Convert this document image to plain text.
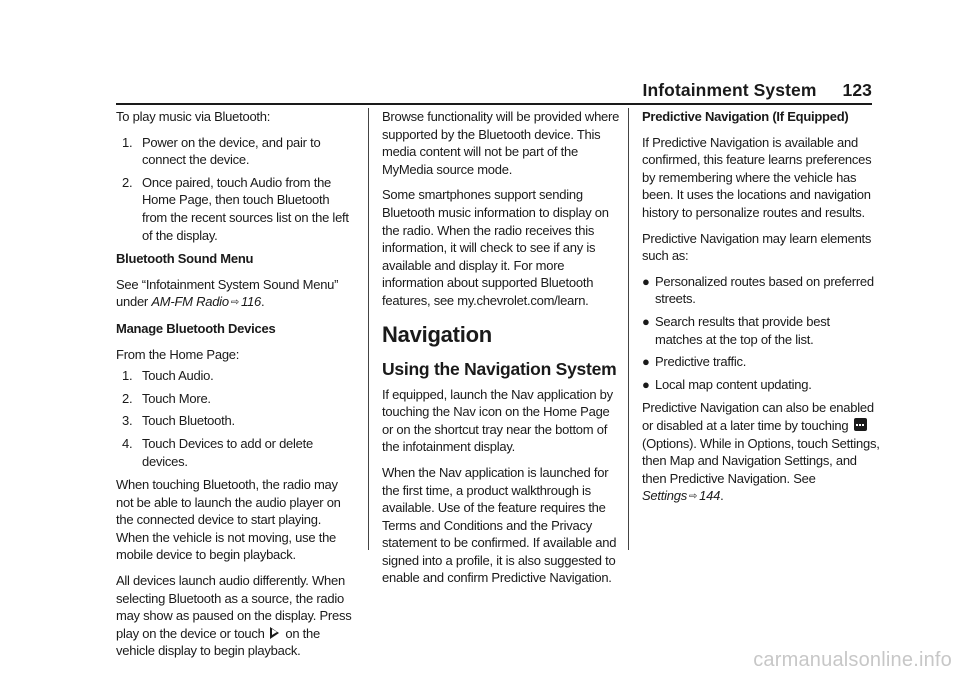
Infotainment System 123

To play music via Bluetooth:

1. Power on the device, and pair to connect the device.
2. Once paired, touch Audio from the Home Page, then touch Bluetooth from the recent sources list on the left of the display.

Bluetooth Sound Menu

See “Infotainment System Sound Menu” under AM-FM Radio ⇨ 116.

Manage Bluetooth Devices

From the Home Page:

1. Touch Audio.
2. Touch More.
3. Touch Bluetooth.
4. Touch Devices to add or delete devices.

When touching Bluetooth, the radio may not be able to launch the audio player on the connected device to start playing. When the vehicle is not moving, use the mobile device to begin playback.

All devices launch audio differently. When selecting Bluetooth as a source, the radio may show as paused on the display. Press play on the device or touch  on the vehicle display to begin playback.

Browse functionality will be provided where supported by the Bluetooth device. This media content will not be part of the MyMedia source mode.

Some smartphones support sending Bluetooth music information to display on the radio. When the radio receives this information, it will check to see if any is available and display it. For more information about supported Bluetooth features, see my.chevrolet.com/learn.

Navigation
Using the Navigation System

If equipped, launch the Nav application by touching the Nav icon on the Home Page or on the shortcut tray near the bottom of the infotainment display.

When the Nav application is launched for the first time, a product walkthrough is available. Use of the feature requires the Terms and Conditions and the Privacy statement to be confirmed. If available and signed into a profile, it is also suggested to enable and confirm Predictive Navigation.

Predictive Navigation (If Equipped)

If Predictive Navigation is available and confirmed, this feature learns preferences by remembering where the vehicle has been. It uses the locations and navigation history to personalize routes and results.

Predictive Navigation may learn elements such as:

● Personalized routes based on preferred streets.
● Search results that provide best matches at the top of the list.
● Predictive traffic.
● Local map content updating.

Predictive Navigation can also be enabled or disabled at a later time by touching
(Options). While in Options, touch Settings, then Map and Navigation Settings, and then Predictive Navigation. See Settings ⇨ 144.

carmanualsonline.info
